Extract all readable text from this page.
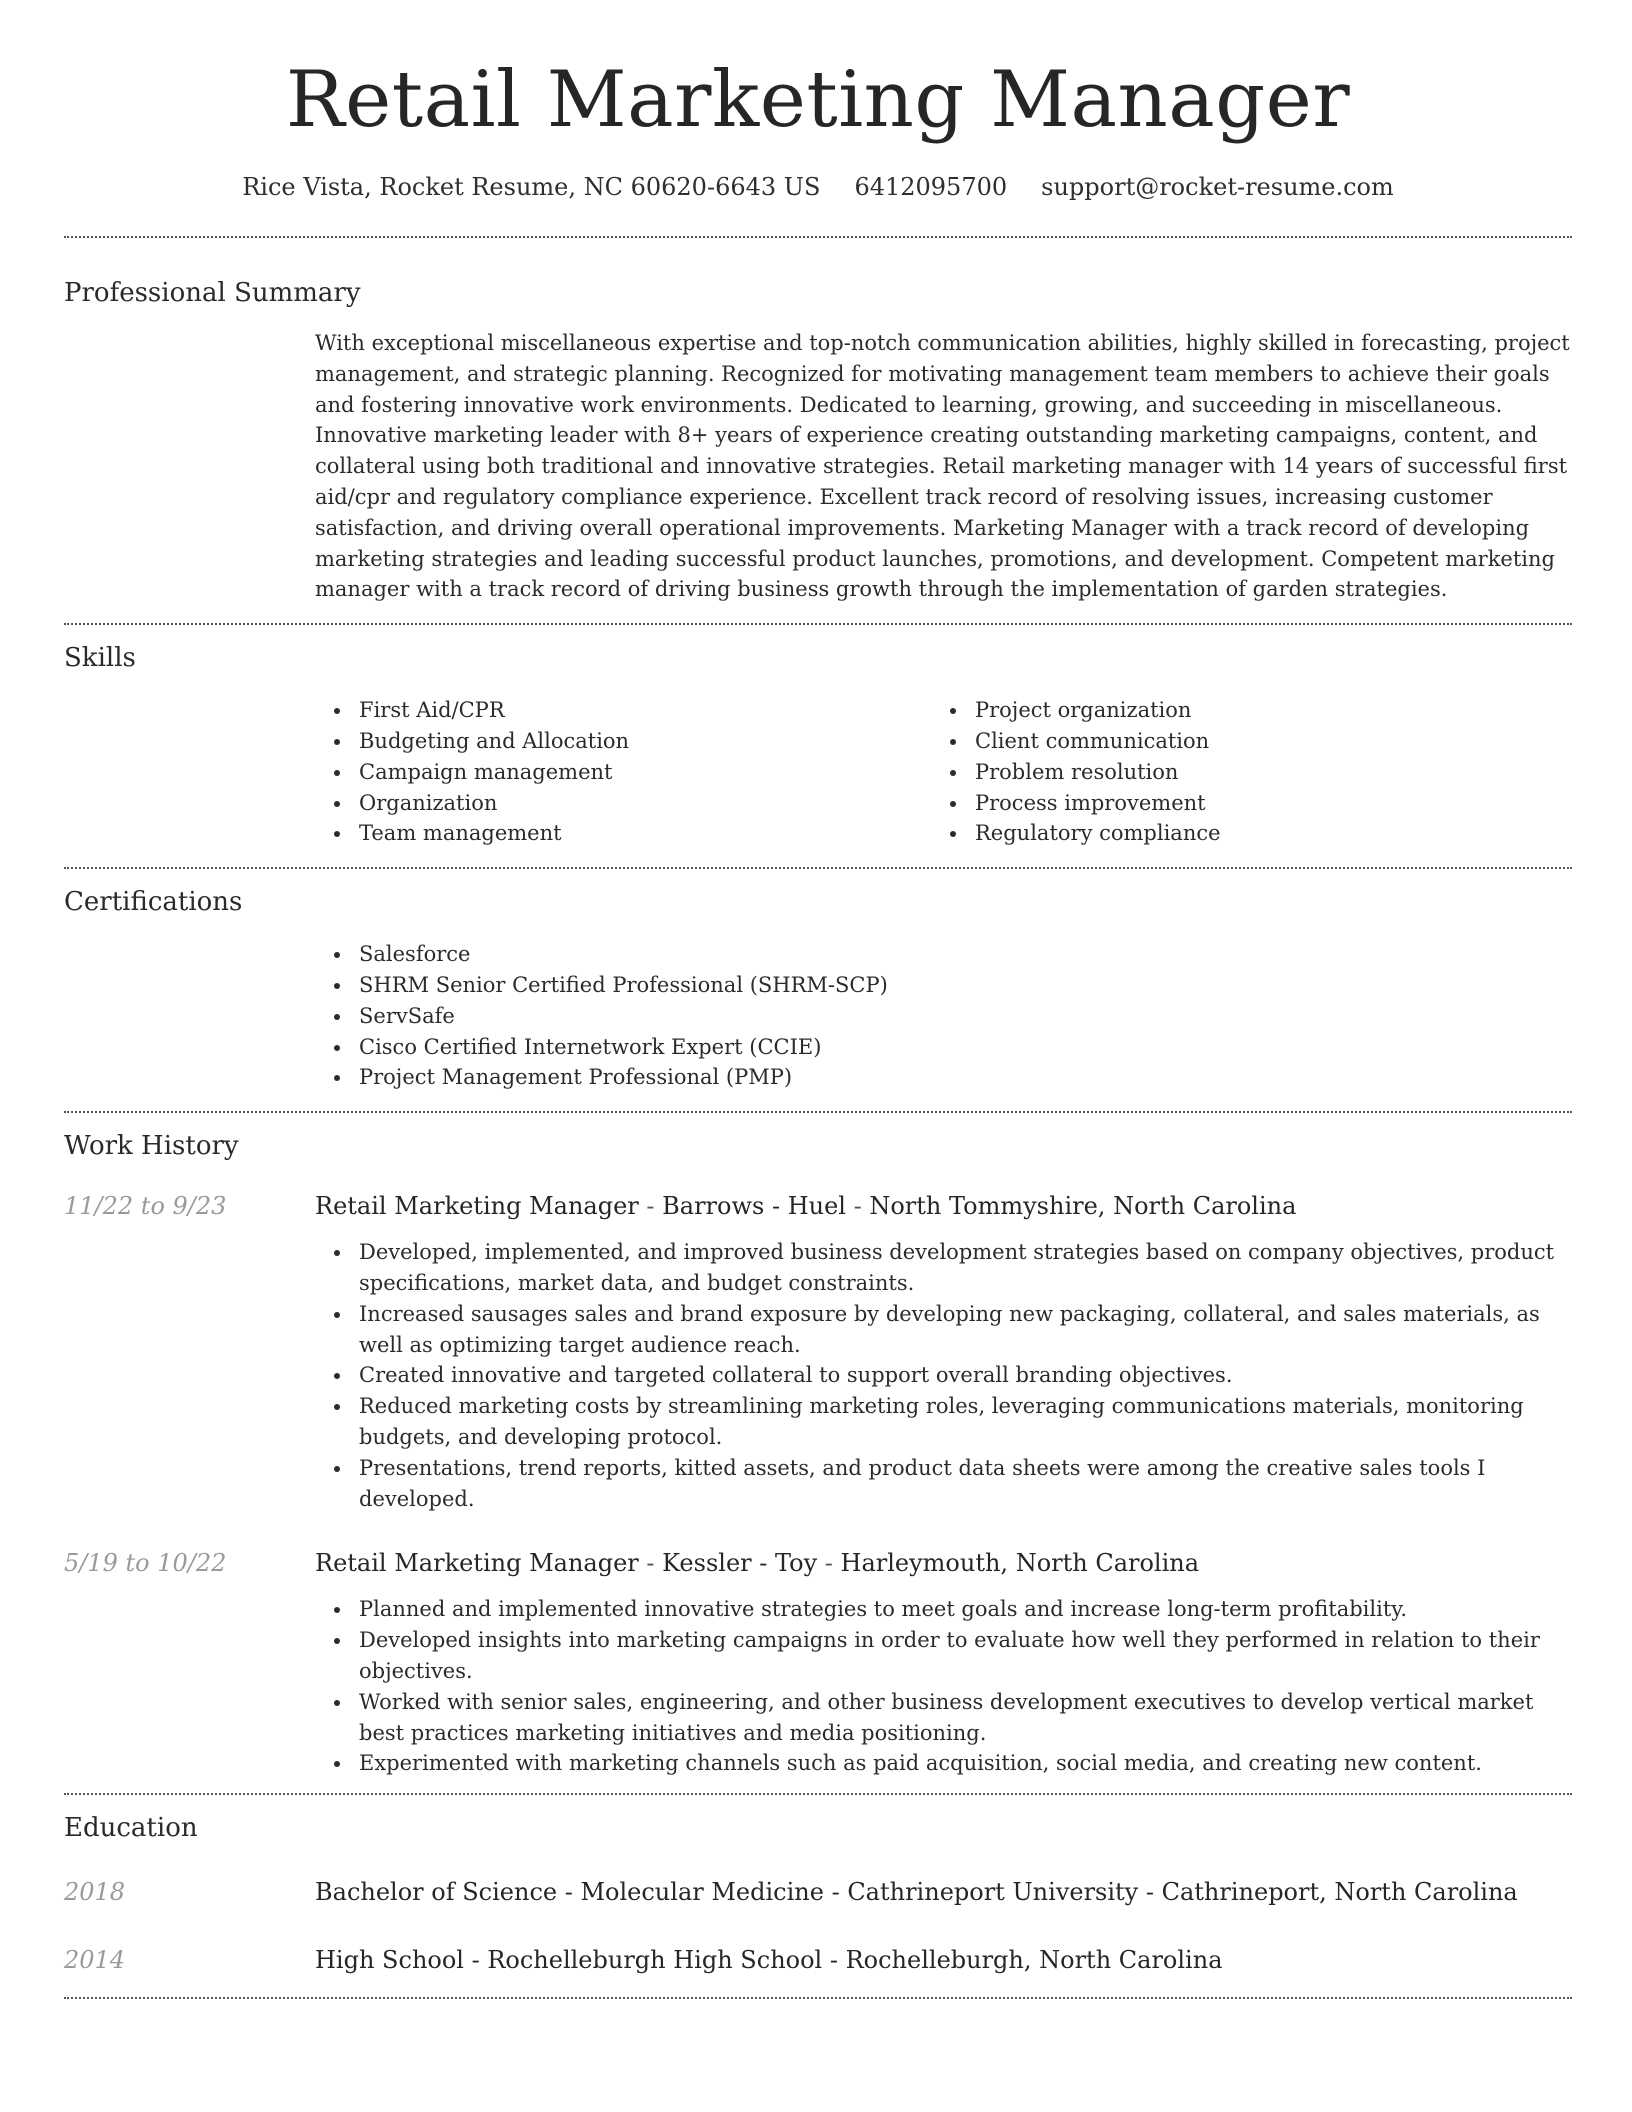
Retail Marketing Manager
Rice Vista, Rocket Resume, NC 60620-6643 US 6412095700 support@rocket-resume.com
Professional Summary

With exceptional miscellaneous expertise and top-notch communication abilities, highly skilled in forecasting, project management, and strategic planning. Recognized for motivating management team members to achieve their goals and fostering innovative work environments. Dedicated to learning, growing, and succeeding in miscellaneous. Innovative marketing leader with 8+ years of experience creating outstanding marketing campaigns, content, and collateral using both traditional and innovative strategies. Retail marketing manager with 14 years of successful first aid/cpr and regulatory compliance experience. Excellent track record of resolving issues, increasing customer satisfaction, and driving overall operational improvements. Marketing Manager with a track record of developing marketing strategies and leading successful product launches, promotions, and development. Competent marketing manager with a track record of driving business growth through the implementation of garden strategies.

Skills
First Aid/CPR
Budgeting and Allocation
Campaign management
Organization
Team management
Project organization
Client communication
Problem resolution
Process improvement
Regulatory compliance
Certifications
Salesforce
SHRM Senior Certified Professional (SHRM-SCP)
ServSafe
Cisco Certified Internetwork Expert (CCIE)
Project Management Professional (PMP)
Work History
11/22 to 9/23	Retail Marketing Manager - Barrows - Huel - North Tommyshire, North Carolina
Developed, implemented, and improved business development strategies based on company objectives, product specifications, market data, and budget constraints.
Increased sausages sales and brand exposure by developing new packaging, collateral, and sales materials, as well as optimizing target audience reach.
Created innovative and targeted collateral to support overall branding objectives.
Reduced marketing costs by streamlining marketing roles, leveraging communications materials, monitoring budgets, and developing protocol.
Presentations, trend reports, kitted assets, and product data sheets were among the creative sales tools I developed.
5/19 to 10/22	Retail Marketing Manager - Kessler - Toy - Harleymouth, North Carolina
Planned and implemented innovative strategies to meet goals and increase long-term profitability.
Developed insights into marketing campaigns in order to evaluate how well they performed in relation to their objectives.
Worked with senior sales, engineering, and other business development executives to develop vertical market best practices marketing initiatives and media positioning.
Experimented with marketing channels such as paid acquisition, social media, and creating new content.
Education
2018	Bachelor of Science - Molecular Medicine - Cathrineport University - Cathrineport, North Carolina
2014	High School - Rochelleburgh High School - Rochelleburgh, North Carolina
